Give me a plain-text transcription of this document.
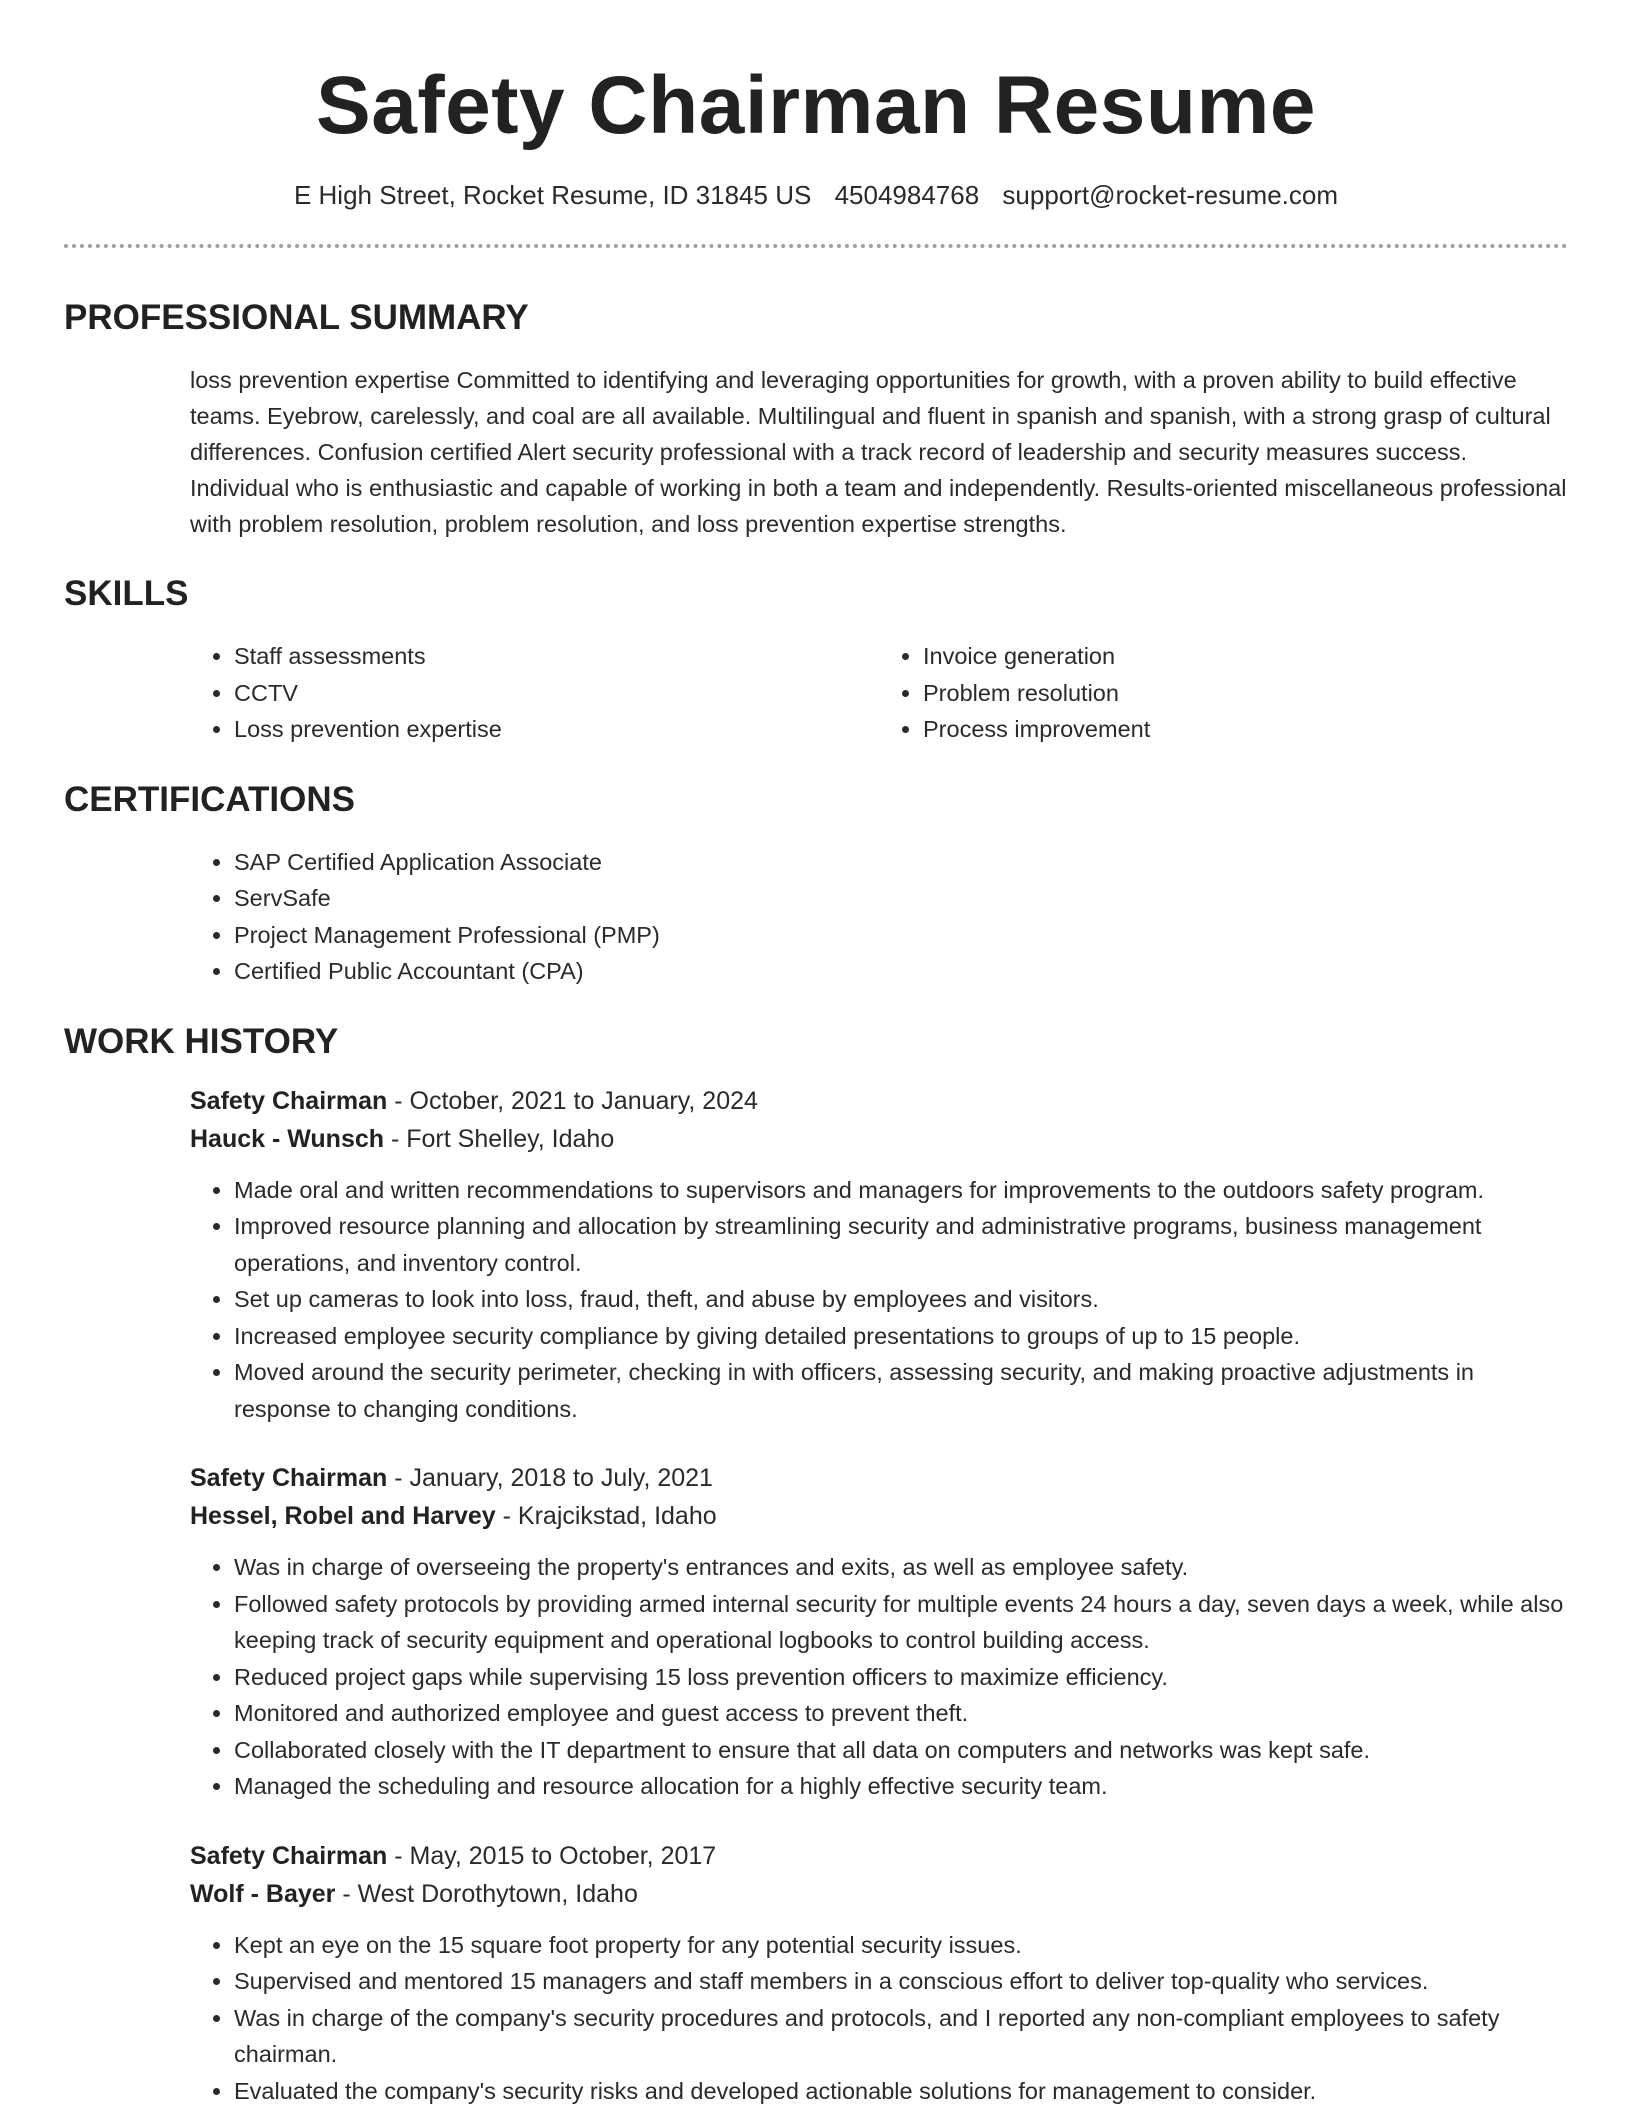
Safety Chairman Resume
E High Street, Rocket Resume, ID 31845 US 4504984768 support@rocket-resume.com
PROFESSIONAL SUMMARY

loss prevention expertise Committed to identifying and leveraging opportunities for growth, with a proven ability to build effective teams. Eyebrow, carelessly, and coal are all available. Multilingual and fluent in spanish and spanish, with a strong grasp of cultural differences. Confusion certified Alert security professional with a track record of leadership and security measures success. Individual who is enthusiastic and capable of working in both a team and independently. Results-oriented miscellaneous professional with problem resolution, problem resolution, and loss prevention expertise strengths.

SKILLS
• Staff assessments
• CCTV
• Loss prevention expertise
• Invoice generation
• Problem resolution
• Process improvement
CERTIFICATIONS
• SAP Certified Application Associate
• ServSafe
• Project Management Professional (PMP)
• Certified Public Accountant (CPA)
WORK HISTORY
Safety Chairman - October, 2021 to January, 2024
Hauck - Wunsch - Fort Shelley, Idaho
• Made oral and written recommendations to supervisors and managers for improvements to the outdoors safety program.
• Improved resource planning and allocation by streamlining security and administrative programs, business management operations, and inventory control.
• Set up cameras to look into loss, fraud, theft, and abuse by employees and visitors.
• Increased employee security compliance by giving detailed presentations to groups of up to 15 people.
• Moved around the security perimeter, checking in with officers, assessing security, and making proactive adjustments in response to changing conditions.
Safety Chairman - January, 2018 to July, 2021
Hessel, Robel and Harvey - Krajcikstad, Idaho
• Was in charge of overseeing the property's entrances and exits, as well as employee safety.
• Followed safety protocols by providing armed internal security for multiple events 24 hours a day, seven days a week, while also keeping track of security equipment and operational logbooks to control building access.
• Reduced project gaps while supervising 15 loss prevention officers to maximize efficiency.
• Monitored and authorized employee and guest access to prevent theft.
• Collaborated closely with the IT department to ensure that all data on computers and networks was kept safe.
• Managed the scheduling and resource allocation for a highly effective security team.
Safety Chairman - May, 2015 to October, 2017
Wolf - Bayer - West Dorothytown, Idaho
• Kept an eye on the 15 square foot property for any potential security issues.
• Supervised and mentored 15 managers and staff members in a conscious effort to deliver top-quality who services.
• Was in charge of the company's security procedures and protocols, and I reported any non-compliant employees to safety chairman.
• Evaluated the company's security risks and developed actionable solutions for management to consider.
